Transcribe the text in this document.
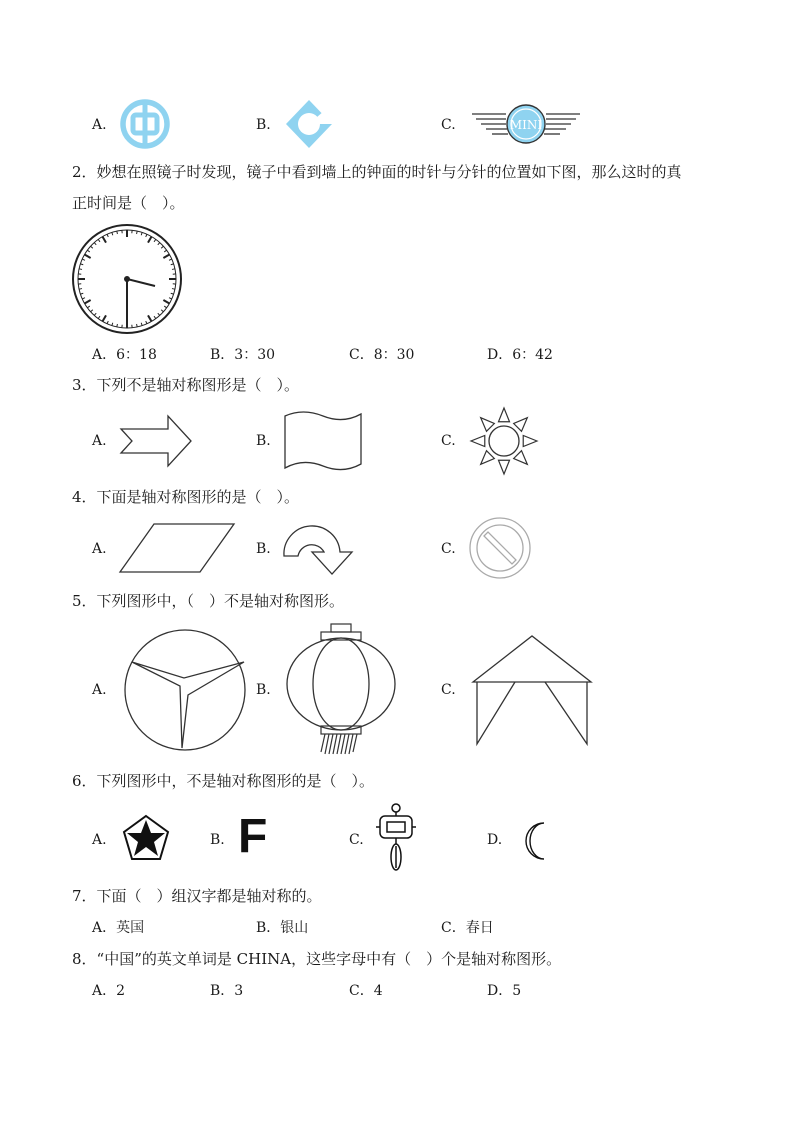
A.	B.	C.	MINI
2．妙想在照镜子时发现，镜子中看到墙上的钟面的时针与分针的位置如下图，那么这时的真
正时间是（　）。
A．6：18	B．3：30	C．8：30	D．6：42
3．下列不是轴对称图形是（　）。
A.	B.	C.
4．下面是轴对称图形的是（　）。
A.	B.	C.
5．下列图形中，（　）不是轴对称图形。
A.	B.	C.
6．下列图形中，不是轴对称图形的是（　）。
A.	B. F	C.	D.
7．下面（　）组汉字都是轴对称的。
A．英国	B．银山	C．春日
8．“中国”的英文单词是 CHINA，这些字母中有（　）个是轴对称图形。
A．2	B．3	C．4	D．5
